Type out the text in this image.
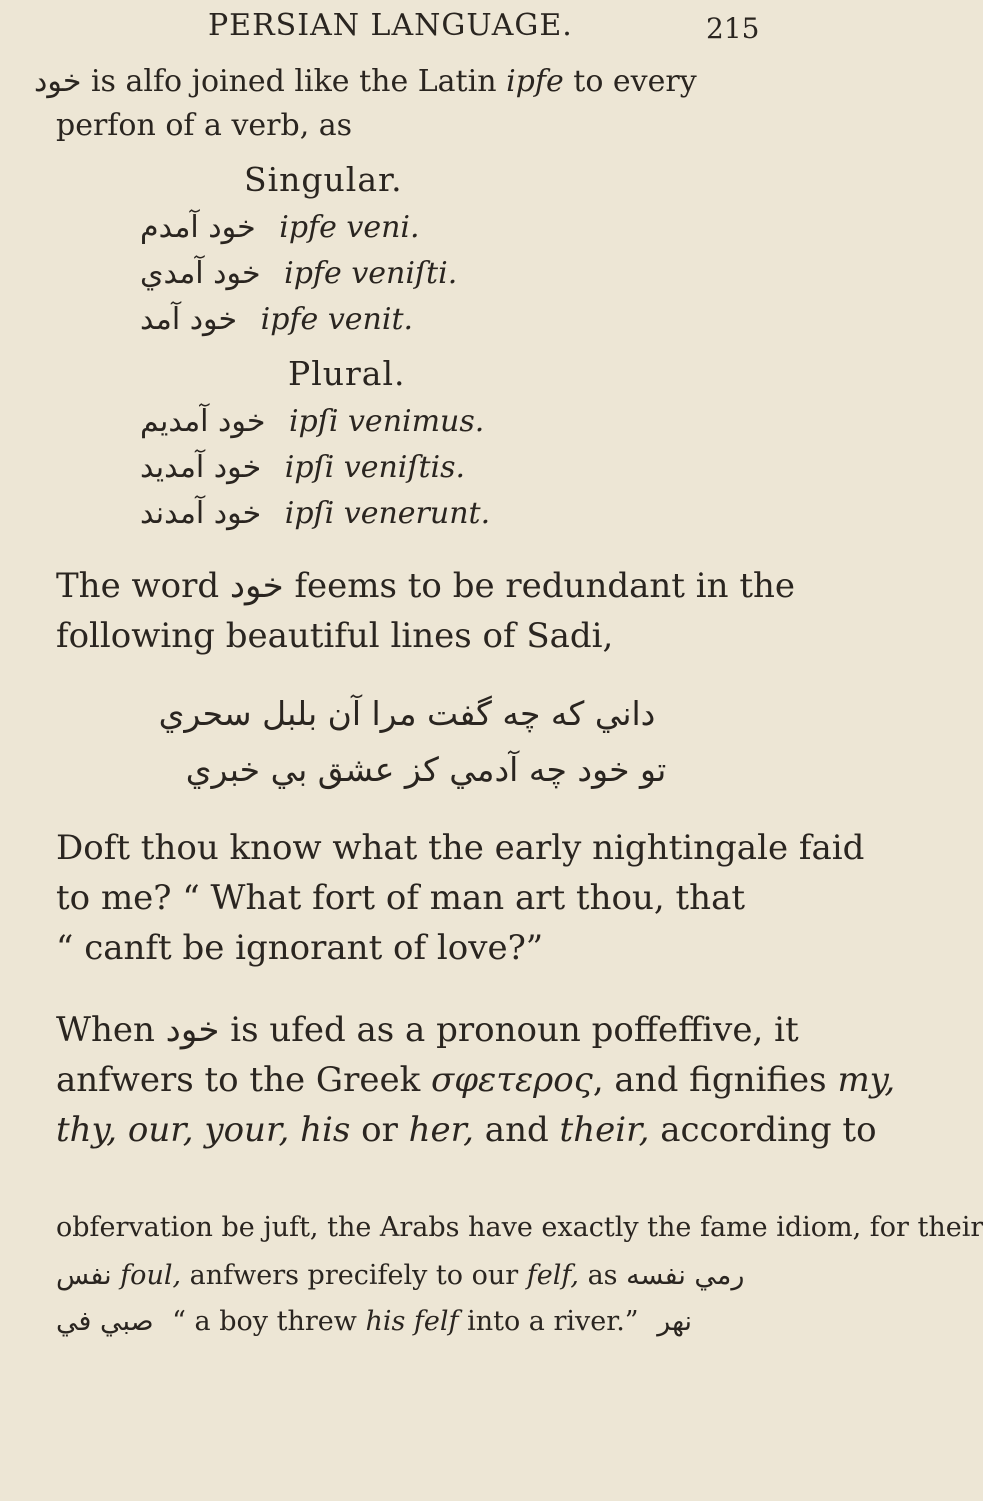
PERSIAN LANGUAGE.	215
خود is alfo joined like the Latin ipfe to every
perfon of a verb, as
Singular.
خود آمدم ipfe veni.
خود آمدي ipfe veniſti.
خود آمد ipfe venit.
Plural.
خود آمديم ipſi venimus.
خود آمديد ipſi veniſtis.
خود آمدند ipſi venerunt.
The word خود feems to be redundant in the
following beautiful lines of Sadi,
داني كه چه گفت مرا آن بلبل سحري
تو خود چه آدمي كز عشق بي خبري
Doft thou know what the early nightingale faid
to me? “ What fort of man art thou, that
“ canft be ignorant of love?”
When خود is ufed as a pronoun poffeffive, it
anfwers to the Greek σφετερος, and fignifies my,
thy, our, your, his or her, and their, according to
obfervation be juft, the Arabs have exactly the fame idiom, for their
نفس foul, anfwers precifely to our felf, as رمي نفسه
صبي في “ a boy threw his felf into a river.” نهر
